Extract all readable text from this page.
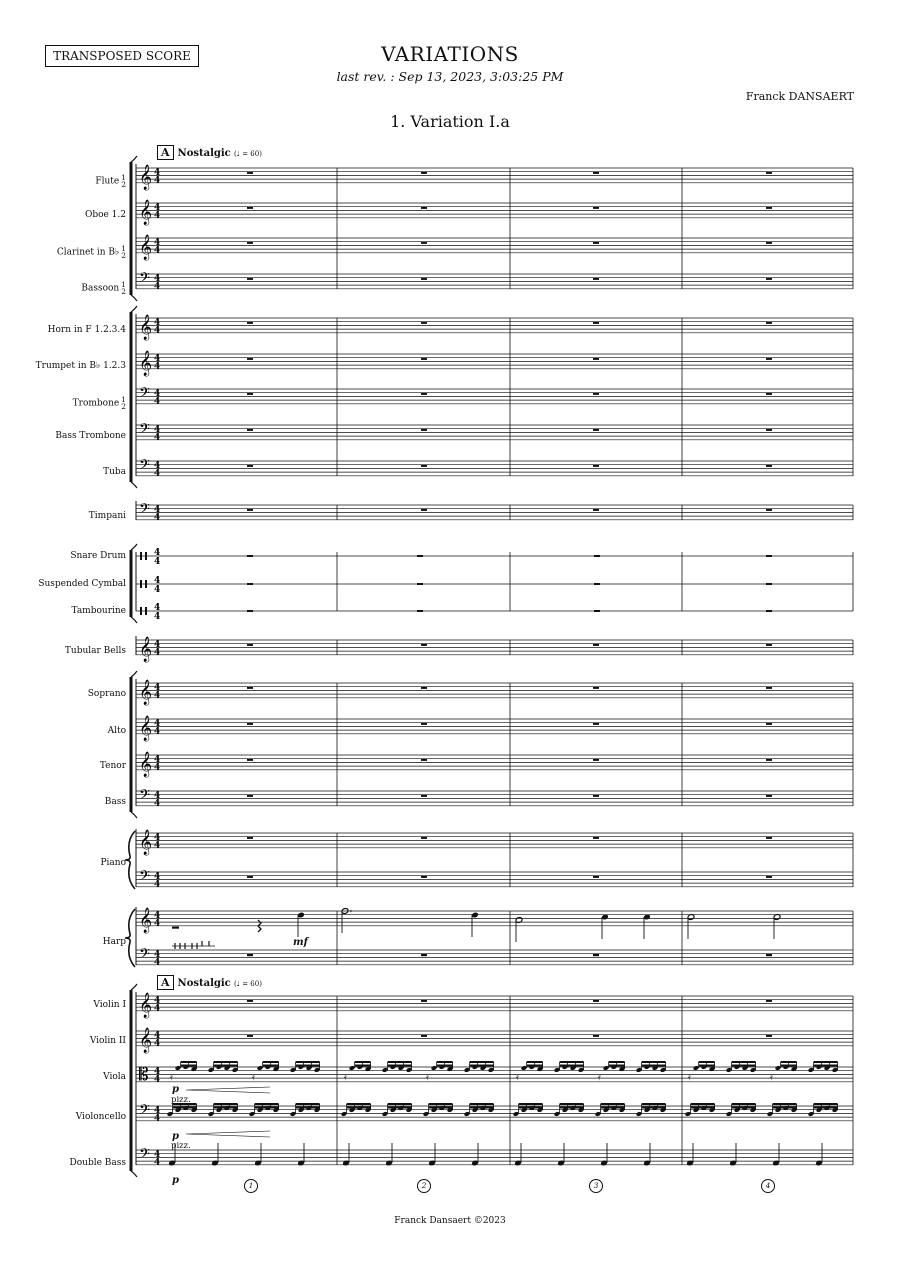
TRANSPOSED SCORE	VARIATIONS
last rev. : Sep 13, 2023, 3:03:25 PM
Franck DANSAERT
1. Variation I.a
Flute 1
2
Oboe 1.2
Clarinet in B♭ 1
2
Bassoon 1
2
Horn in F 1.2.3.4
Trumpet in B♭ 1.2.3
Trombone 1
2
Bass Trombone
Tuba
Timpani
Snare Drum
Suspended Cymbal
Tambourine
Tubular Bells
Soprano
Alto
Tenor
Bass
Piano
Harp
Violin I
Violin II
Viola
Violoncello
Double Bass
A Nostalgic (♩ = 60)
A Nostalgic (♩ = 60)
𝄞 4
4
𝄞 4
4
𝄞 4
4
𝄢 4
4
𝄞 4
4
𝄞 4
4
𝄢 4
4
𝄢 4
4
𝄢 4
4
𝄢 4
4
4
4
4
4
4
4
𝄞 4
4
𝄞 4
4
𝄞 4
4
𝄞 4
4
𝄢 4
4
𝄞 4
4
𝄢 4
4
𝄞 4
4
𝄢 4
4
𝄞 4
4
𝄞 4
4
𝄡 4
4
𝄢 4
4
𝄢 4
4
𝄿	𝄿	𝄿	𝄿	𝄿	𝄿	𝄿	𝄿
mf
p
pizz.
p
pizz.
p	1	2	3	4
Franck Dansaert ©2023
